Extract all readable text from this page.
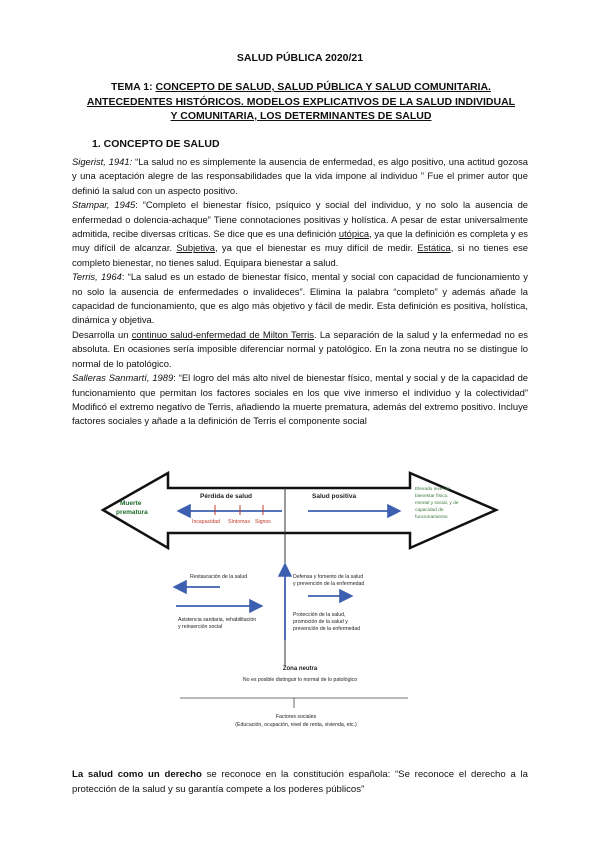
SALUD PÚBLICA 2020/21
TEMA 1: CONCEPTO DE SALUD, SALUD PÚBLICA Y SALUD COMUNITARIA.
ANTECEDENTES HISTÓRICOS. MODELOS EXPLICATIVOS DE LA SALUD INDIVIDUAL
Y COMUNITARIA, LOS DETERMINANTES DE SALUD
1. CONCEPTO DE SALUD

Sigerist, 1941: “La salud no es simplemente la ausencia de enfermedad, es algo positivo, una actitud gozosa y una aceptación alegre de las responsabilidades que la vida impone al individuo ” Fue el primer autor que definió la salud con un aspecto positivo.

Stampar, 1945: “Completo el bienestar físico, psíquico y social del individuo, y no solo la ausencia de enfermedad o dolencia-achaque” Tiene connotaciones positivas y holística. A pesar de estar universalmente admitida, recibe diversas críticas. Se dice que es una definición utópica, ya que la definición es completa y es muy difícil de alcanzar. Subjetiva, ya que el bienestar es muy difícil de medir. Estática, si no tienes ese completo bienestar, no tienes salud. Equipara bienestar a salud.

Terris, 1964: “La salud es un estado de bienestar físico, mental y social con capacidad de funcionamiento y no solo la ausencia de enfermedades o invalideces”. Elimina la palabra “completo” y además añade la capacidad de funcionamiento, que es algo más objetivo y fácil de medir. Esta definición es positiva, holística, dinámica y objetiva.

Desarrolla un continuo salud-enfermedad de Milton Terris. La separación de la salud y la enfermedad no es absoluta. En ocasiones sería imposible diferenciar normal y patológico. En la zona neutra no se distingue lo normal de lo patológico.

Salleras Sanmartí, 1989: “El logro del más alto nivel de bienestar físico, mental y social y de la capacidad de funcionamiento que permitan los factores sociales en los que vive inmerso el individuo y la colectividad” Modificó el extremo negativo de Terris, añadiendo la muerte prematura, además del extremo positivo. Incluye factores sociales y añade a la definición de Terris el componente social

Muerte
prematura
Pérdida de salud
Incapacidad Síntomas Signos
Salud positiva
Elevado nivel de
bienestar físico,
mental y social, y de
capacidad de
funcionamiento
Restauración de la salud	Defensa y fomento de la salud
y prevención de la enfermedad
Asistencia sanitaria, rehabilitación
y reinserción social
Protección de la salud,
promoción de la salud y
prevención de la enfermedad
Zona neutra
No es posible distinguir lo normal de lo patológico
Factores sociales
(Educación, ocupación, nivel de renta, vivienda, etc.)
La salud como un derecho se reconoce en la constitución española: “Se reconoce el derecho a la protección de la salud y su garantía compete a los poderes públicos”
